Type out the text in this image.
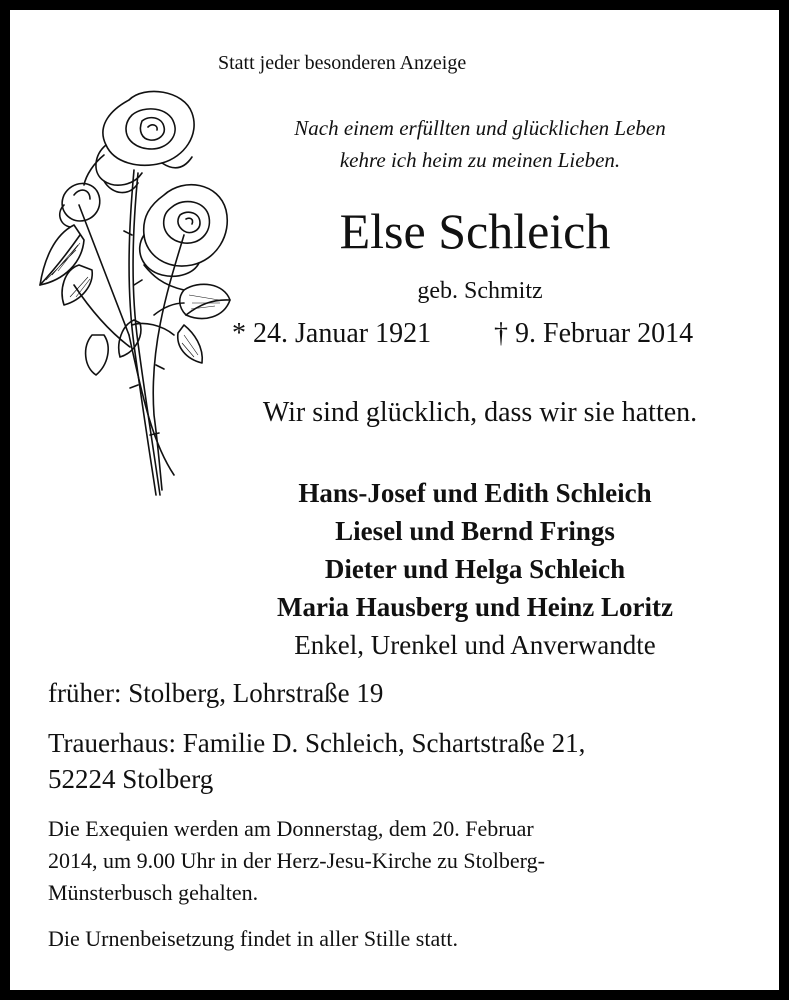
Statt jeder besonderen Anzeige
Nach einem erfüllten und glücklichen Leben
kehre ich heim zu meinen Lieben.
Else Schleich
geb. Schmitz
* 24. Januar 1921 † 9. Februar 2014
Wir sind glücklich, dass wir sie hatten.
Hans-Josef und Edith Schleich
Liesel und Bernd Frings
Dieter und Helga Schleich
Maria Hausberg und Heinz Loritz
Enkel, Urenkel und Anverwandte
früher: Stolberg, Lohrstraße 19
Trauerhaus: Familie D. Schleich, Schartstraße 21,
52224 Stolberg
Die Exequien werden am Donnerstag, dem 20. Februar
2014, um 9.00 Uhr in der Herz-Jesu-Kirche zu Stolberg-
Münsterbusch gehalten.
Die Urnenbeisetzung findet in aller Stille statt.
